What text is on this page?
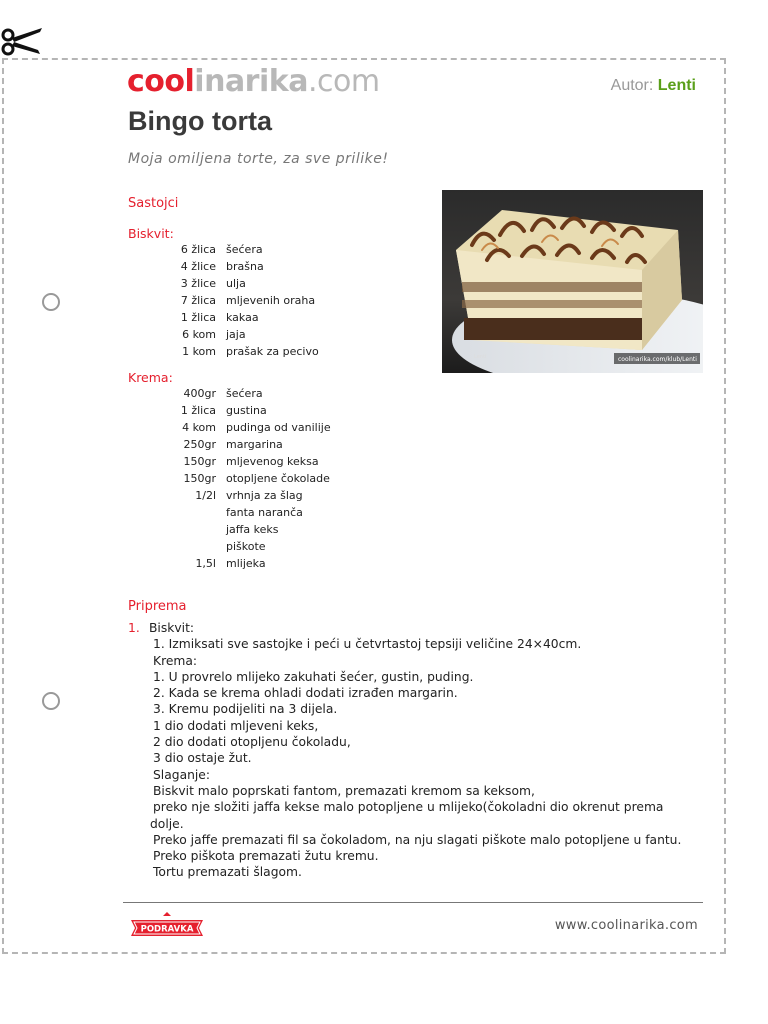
coolinarika.com	Autor: Lenti
Bingo torta
Moja omiljena torte, za sve prilike!
Sastojci
Biskvit:
6 žlica šećera
4 žlice brašna
3 žlice ulja
7 žlica mljevenih oraha
1 žlica kakaa
6 kom jaja
1 kom prašak za pecivo
Krema:
400gr šećera
1 žlica gustina
4 kom pudinga od vanilije
250gr margarina
150gr mljevenog keksa
150gr otopljene čokolade
1/2l vrhnja za šlag
fanta naranča
jaffa keks
piškote
1,5l mlijeka
Lenti	coolinarika.com/klub/Lenti
Priprema
1. Biskvit:
1. Izmiksati sve sastojke i peći u četvrtastoj tepsiji veličine 24×40cm.
Krema:
1. U provrelo mlijeko zakuhati šećer, gustin, puding.
2. Kada se krema ohladi dodati izrađen margarin.
3. Kremu podijeliti na 3 dijela.
1 dio dodati mljeveni keks,
2 dio dodati otopljenu čokoladu,
3 dio ostaje žut.
Slaganje:
Biskvit malo poprskati fantom, premazati kremom sa keksom,
preko nje složiti jaffa kekse malo potopljene u mlijeko(čokoladni dio okrenut prema
dolje.
Preko jaffe premazati fil sa čokoladom, na nju slagati piškote malo potopljene u fantu.
Preko piškota premazati žutu kremu.
Tortu premazati šlagom.
PODRAVKA	www.coolinarika.com
